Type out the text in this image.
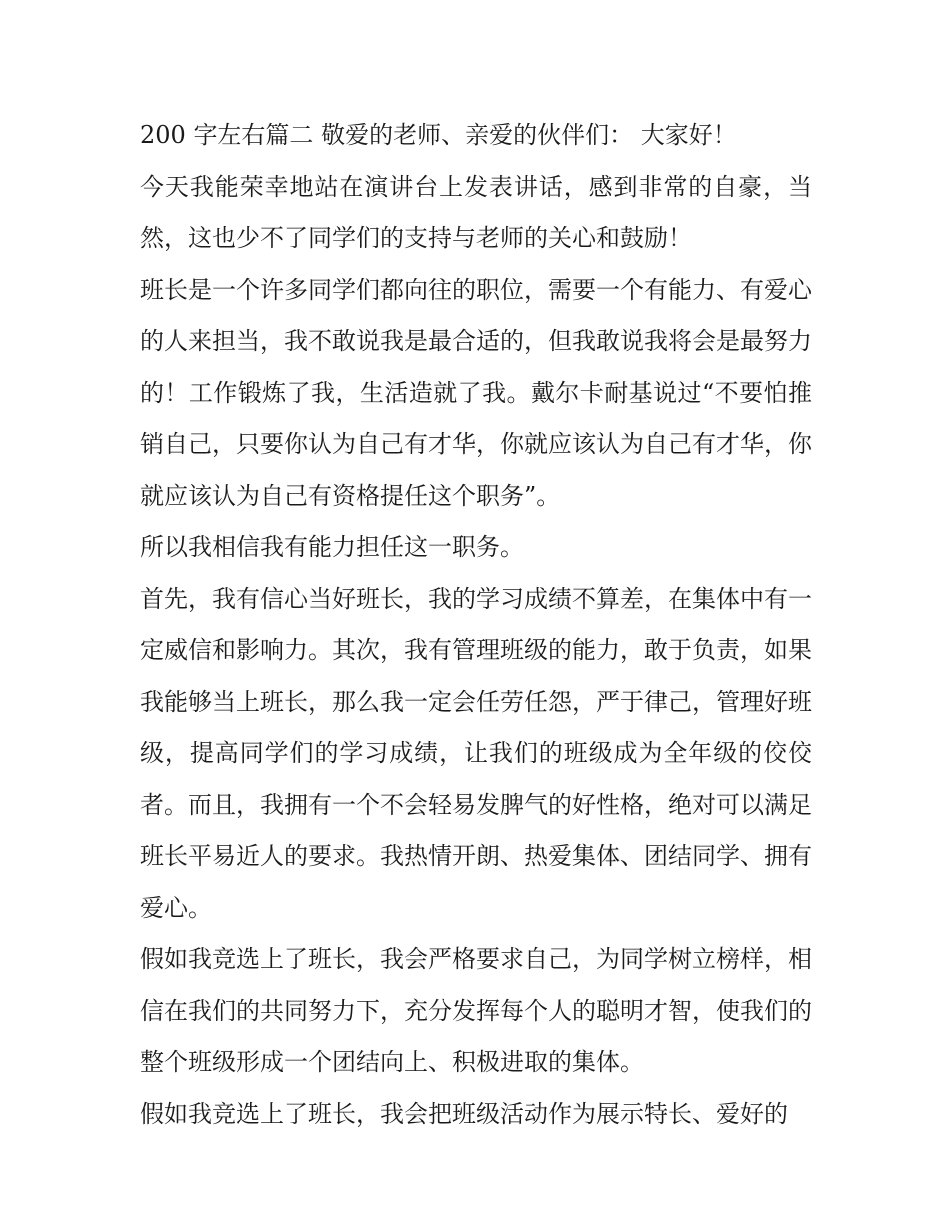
200 字左右篇二 敬爱的老师、亲爱的伙伴们： 大家好！

今天我能荣幸地站在演讲台上发表讲话，感到非常的自豪，当然，这也少不了同学们的支持与老师的关心和鼓励！

班长是一个许多同学们都向往的职位，需要一个有能力、有爱心的人来担当，我不敢说我是最合适的，但我敢说我将会是最努力的！工作锻炼了我，生活造就了我。戴尔卡耐基说过“不要怕推销自己，只要你认为自己有才华，你就应该认为自己有才华，你就应该认为自己有资格提任这个职务”。

所以我相信我有能力担任这一职务。

首先，我有信心当好班长，我的学习成绩不算差，在集体中有一定威信和影响力。其次，我有管理班级的能力，敢于负责，如果我能够当上班长，那么我一定会任劳任怨，严于律己，管理好班级，提高同学们的学习成绩，让我们的班级成为全年级的佼佼者。而且，我拥有一个不会轻易发脾气的好性格，绝对可以满足班长平易近人的要求。我热情开朗、热爱集体、团结同学、拥有爱心。

假如我竞选上了班长，我会严格要求自己，为同学树立榜样，相信在我们的共同努力下，充分发挥每个人的聪明才智，使我们的整个班级形成一个团结向上、积极进取的集体。

假如我竞选上了班长，我会把班级活动作为展示特长、爱好的
